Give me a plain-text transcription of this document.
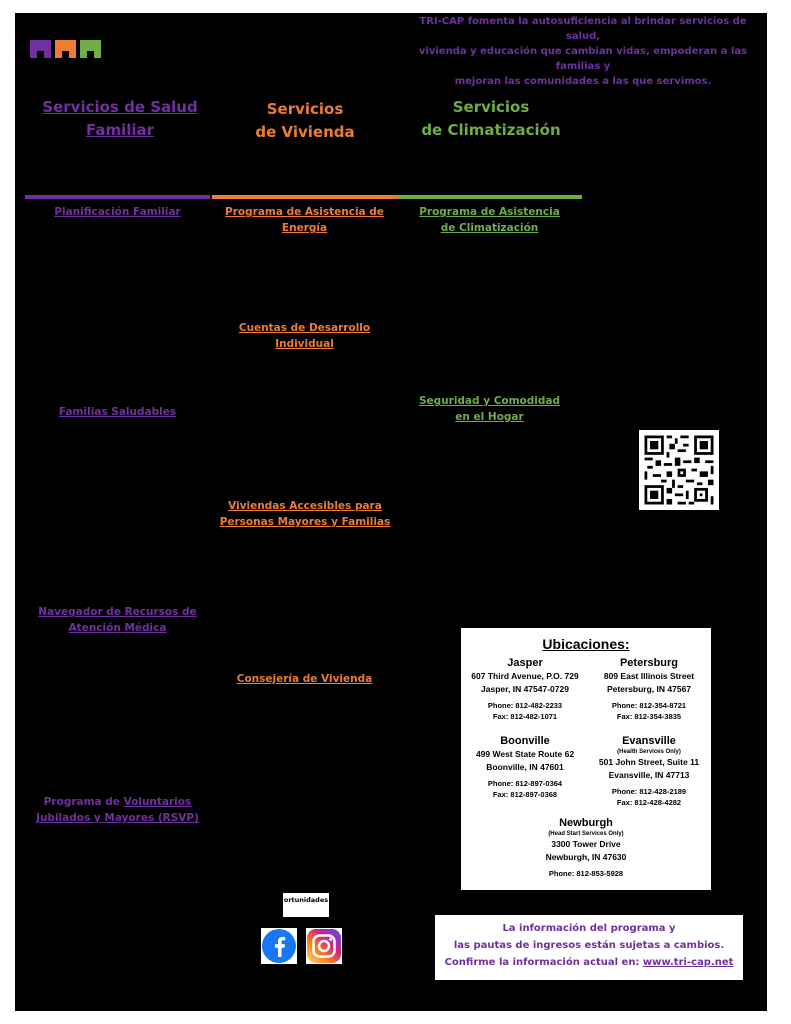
TRI-CAP fomenta la autosuficiencia al brindar servicios de salud,
vivienda y educación que cambian vidas, empoderan a las familias y
mejoran las comunidades a las que servimos.
Servicios de Salud
Familiar
Servicios
de Vivienda
Servicios
de Climatización
Planificación Familiar
Familias Saludables
Navegador de Recursos de
Atención Médica
Programa de Voluntarios
Jubilados y Mayores (RSVP)
Programa de Asistencia de
Energía
Cuentas de Desarrollo
Individual
Viviendas Accesibles para
Personas Mayores y Familias
Consejería de Vivienda
Programa de Asistencia
de Climatización
Seguridad y Comodidad
en el Hogar
Ubicaciones:
Jasper
607 Third Avenue, P.O. 729
Jasper, IN 47547-0729
Phone: 812-482-2233
Fax: 812-482-1071
Petersburg
809 East Illinois Street
Petersburg, IN 47567
Phone: 812-354-8721
Fax: 812-354-3835
Boonville
499 West State Route 62
Boonville, IN 47601
Phone: 812-897-0364
Fax: 812-897-0368
Evansville
(Health Services Only)
501 John Street, Suite 11
Evansville, IN 47713
Phone: 812-428-2189
Fax: 812-428-4282
Newburgh
(Head Start Services Only)
3300 Tower Drive
Newburgh, IN 47630
Phone: 812-853-5928
ortunidades
La información del programa y
las pautas de ingresos están sujetas a cambios.
Confirme la información actual en: www.tri-cap.net
